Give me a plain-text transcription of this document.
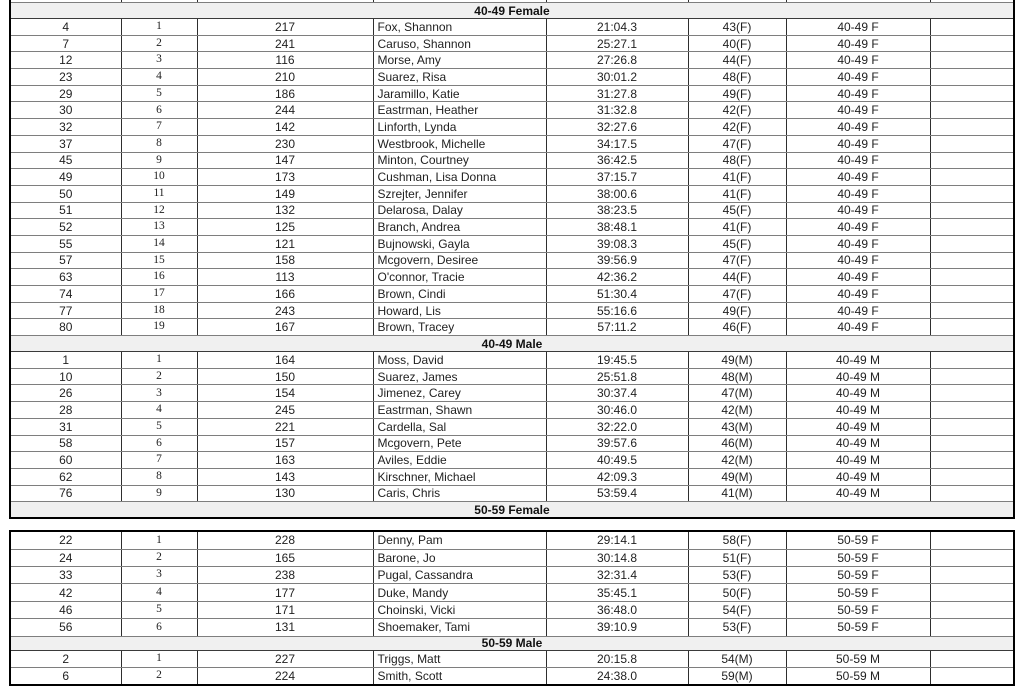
40-49 Female							
4	1	217	Fox, Shannon	21:04.3	43(F)	40-49 F	
7	2	241	Caruso, Shannon	25:27.1	40(F)	40-49 F	
12	3	116	Morse, Amy	27:26.8	44(F)	40-49 F	
23	4	210	Suarez, Risa	30:01.2	48(F)	40-49 F	
29	5	186	Jaramillo, Katie	31:27.8	49(F)	40-49 F	
30	6	244	Eastrman, Heather	31:32.8	42(F)	40-49 F	
32	7	142	Linforth, Lynda	32:27.6	42(F)	40-49 F	
37	8	230	Westbrook, Michelle	34:17.5	47(F)	40-49 F	
45	9	147	Minton, Courtney	36:42.5	48(F)	40-49 F	
49	10	173	Cushman, Lisa Donna	37:15.7	41(F)	40-49 F	
50	11	149	Szrejter, Jennifer	38:00.6	41(F)	40-49 F	
51	12	132	Delarosa, Dalay	38:23.5	45(F)	40-49 F	
52	13	125	Branch, Andrea	38:48.1	41(F)	40-49 F	
55	14	121	Bujnowski, Gayla	39:08.3	45(F)	40-49 F	
57	15	158	Mcgovern, Desiree	39:56.9	47(F)	40-49 F	
63	16	113	O'connor, Tracie	42:36.2	44(F)	40-49 F	
74	17	166	Brown, Cindi	51:30.4	47(F)	40-49 F	
77	18	243	Howard, Lis	55:16.6	49(F)	40-49 F	
80	19	167	Brown, Tracey	57:11.2	46(F)	40-49 F	
40-49 Male							
1	1	164	Moss, David	19:45.5	49(M)	40-49 M	
10	2	150	Suarez, James	25:51.8	48(M)	40-49 M	
26	3	154	Jimenez, Carey	30:37.4	47(M)	40-49 M	
28	4	245	Eastrman, Shawn	30:46.0	42(M)	40-49 M	
31	5	221	Cardella, Sal	32:22.0	43(M)	40-49 M	
58	6	157	Mcgovern, Pete	39:57.6	46(M)	40-49 M	
60	7	163	Aviles, Eddie	40:49.5	42(M)	40-49 M	
62	8	143	Kirschner, Michael	42:09.3	49(M)	40-49 M	
76	9	130	Caris, Chris	53:59.4	41(M)	40-49 M	
50-59 Female							
22	1	228	Denny, Pam	29:14.1	58(F)	50-59 F	
24	2	165	Barone, Jo	30:14.8	51(F)	50-59 F	
33	3	238	Pugal, Cassandra	32:31.4	53(F)	50-59 F	
42	4	177	Duke, Mandy	35:45.1	50(F)	50-59 F	
46	5	171	Choinski, Vicki	36:48.0	54(F)	50-59 F	
56	6	131	Shoemaker, Tami	39:10.9	53(F)	50-59 F	
50-59 Male							
2	1	227	Triggs, Matt	20:15.8	54(M)	50-59 M	
6	2	224	Smith, Scott	24:38.0	59(M)	50-59 M	
